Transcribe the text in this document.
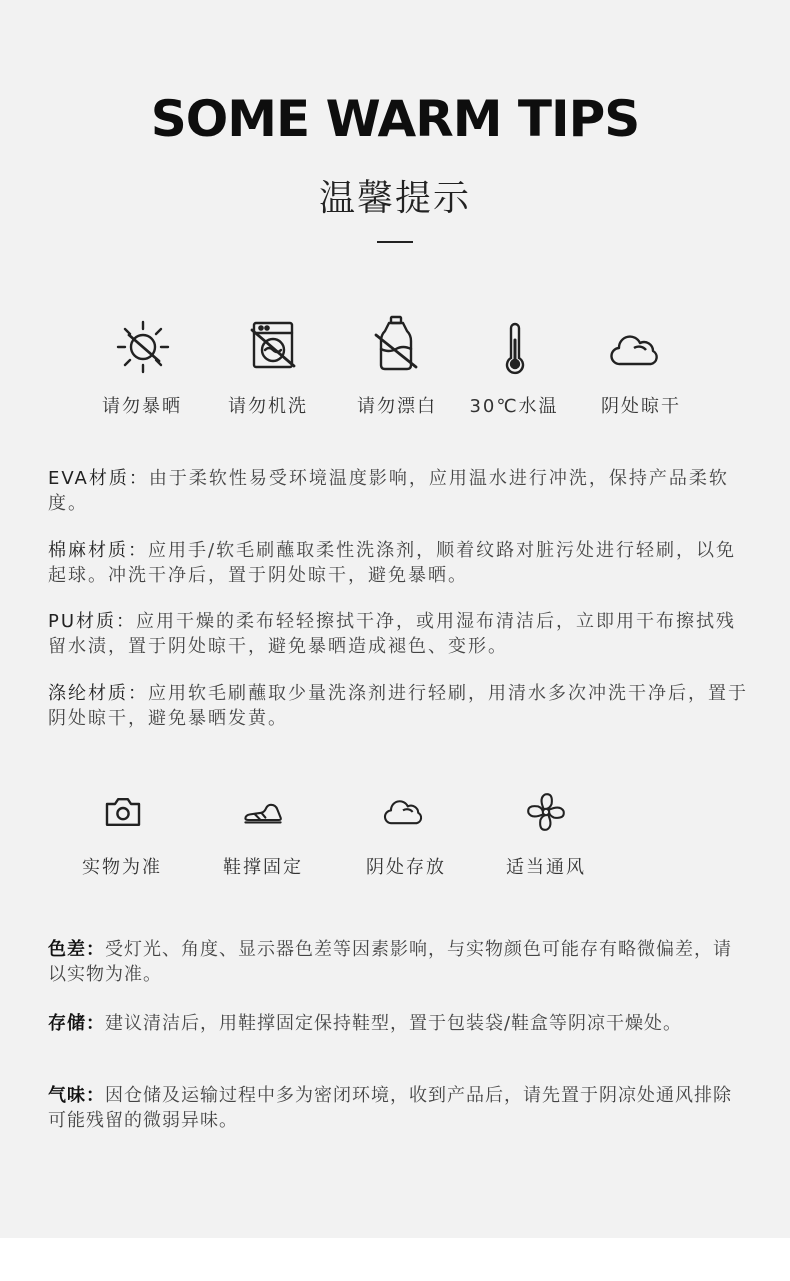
SOME WARM TIPS
温馨提示
请勿暴晒	请勿机洗	请勿漂白	30℃水温	阴处晾干
EVA材质：由于柔软性易受环境温度影响，应用温水进行冲洗，保持产品柔软度。
棉麻材质：应用手/软毛刷蘸取柔性洗涤剂，顺着纹路对脏污处进行轻刷，以免起球。冲洗干净后，置于阴处晾干，避免暴晒。
PU材质：应用干燥的柔布轻轻擦拭干净，或用湿布清洁后，立即用干布擦拭残留水渍，置于阴处晾干，避免暴晒造成褪色、变形。
涤纶材质：应用软毛刷蘸取少量洗涤剂进行轻刷，用清水多次冲洗干净后，置于阴处晾干，避免暴晒发黄。
实物为准	鞋撑固定	阴处存放	适当通风
色差：受灯光、角度、显示器色差等因素影响，与实物颜色可能存有略微偏差，请以实物为准。
存储：建议清洁后，用鞋撑固定保持鞋型，置于包装袋/鞋盒等阴凉干燥处。
气味：因仓储及运输过程中多为密闭环境，收到产品后，请先置于阴凉处通风排除可能残留的微弱异味。
